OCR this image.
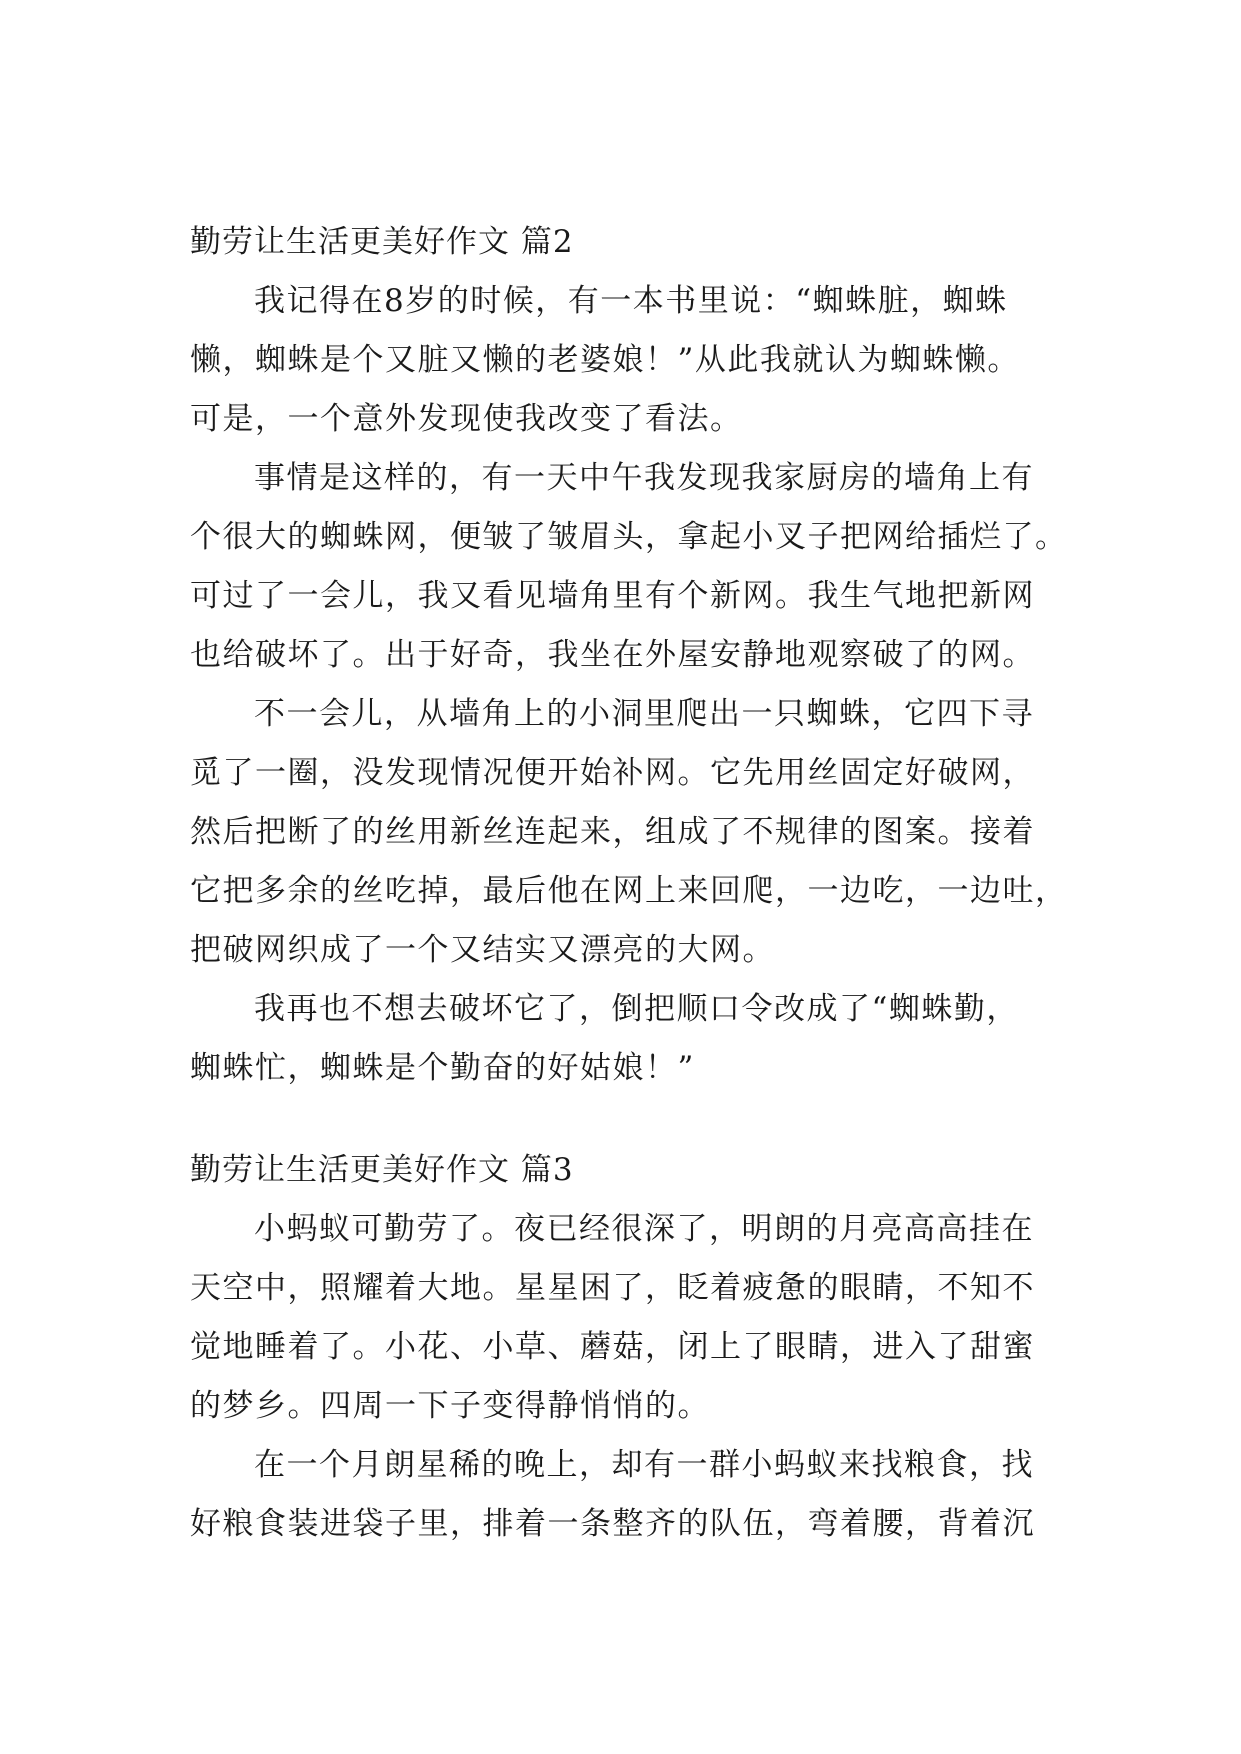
勤劳让生活更美好作文 篇2
我记得在8岁的时候，有一本书里说：“蜘蛛脏，蜘蛛
懒，蜘蛛是个又脏又懒的老婆娘！”从此我就认为蜘蛛懒。
可是，一个意外发现使我改变了看法。
事情是这样的，有一天中午我发现我家厨房的墙角上有
个很大的蜘蛛网，便皱了皱眉头，拿起小叉子把网给插烂了。
可过了一会儿，我又看见墙角里有个新网。我生气地把新网
也给破坏了。出于好奇，我坐在外屋安静地观察破了的网。
不一会儿，从墙角上的小洞里爬出一只蜘蛛，它四下寻
觅了一圈，没发现情况便开始补网。它先用丝固定好破网，
然后把断了的丝用新丝连起来，组成了不规律的图案。接着
它把多余的丝吃掉，最后他在网上来回爬，一边吃，一边吐，
把破网织成了一个又结实又漂亮的大网。
我再也不想去破坏它了，倒把顺口令改成了“蜘蛛勤，
蜘蛛忙，蜘蛛是个勤奋的好姑娘！”
勤劳让生活更美好作文 篇3
小蚂蚁可勤劳了。夜已经很深了，明朗的月亮高高挂在
天空中，照耀着大地。星星困了，眨着疲惫的眼睛，不知不
觉地睡着了。小花、小草、蘑菇，闭上了眼睛，进入了甜蜜
的梦乡。四周一下子变得静悄悄的。
在一个月朗星稀的晚上，却有一群小蚂蚁来找粮食，找
好粮食装进袋子里，排着一条整齐的队伍，弯着腰，背着沉
